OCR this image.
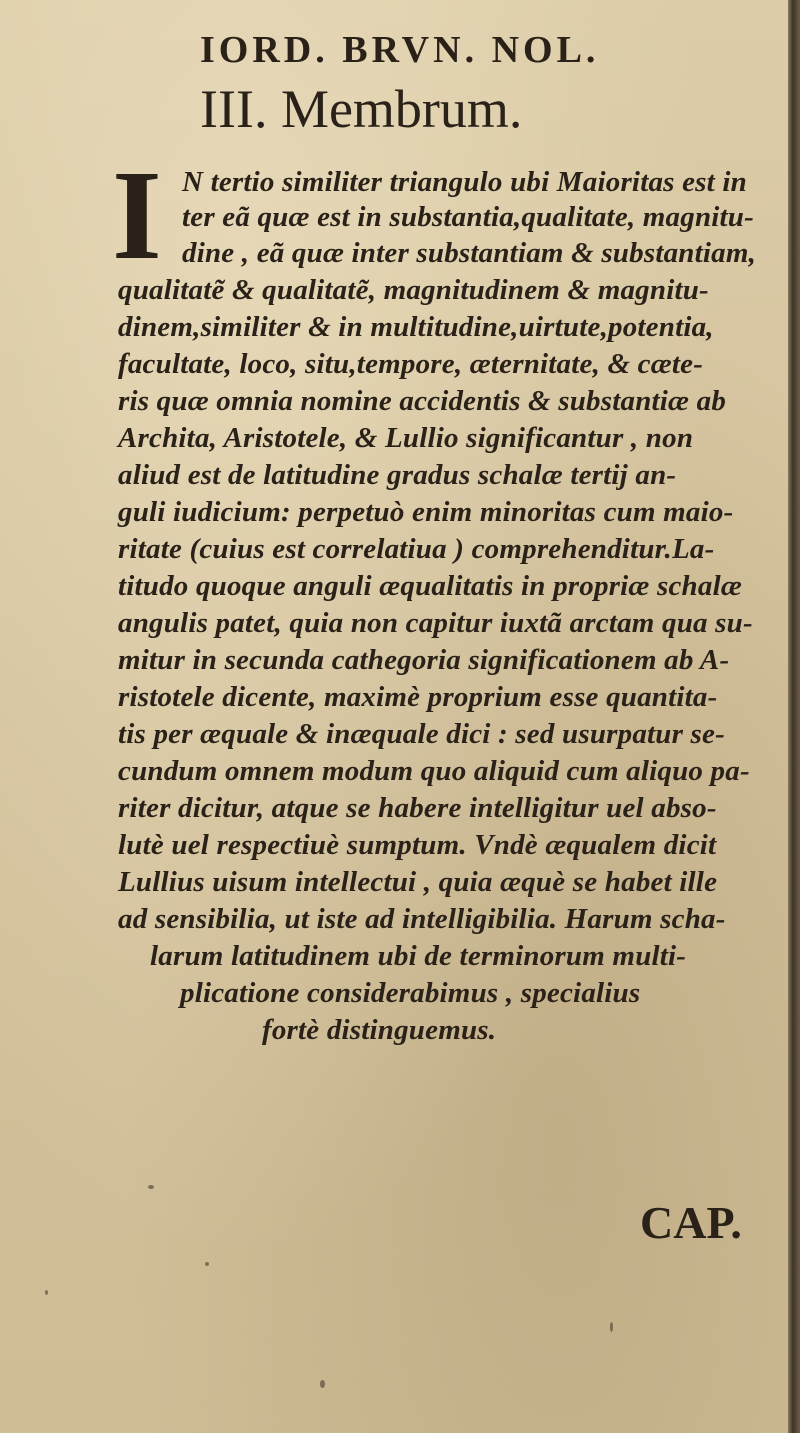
IORD. BRVN. NOL.
III. Membrum.
I N tertio similiter triangulo ubi Maioritas est in
ter eã quæ est in substantia,qualitate, magnitu-
dine , eã quæ inter substantiam & substantiam,
qualitatẽ & qualitatẽ, magnitudinem & magnitu-
dinem,similiter & in multitudine,uirtute,potentia,
facultate, loco, situ,tempore, æternitate, & cæte-
ris quæ omnia nomine accidentis & substantiæ ab
Archita, Aristotele, & Lullio significantur , non
aliud est de latitudine gradus schalæ tertij an-
guli iudicium: perpetuò enim minoritas cum maio-
ritate (cuius est correlatiua ) comprehenditur.La-
titudo quoque anguli æqualitatis in propriæ schalæ
angulis patet, quia non capitur iuxtã arctam qua su-
mitur in secunda cathegoria significationem ab A-
ristotele dicente, maximè proprium esse quantita-
tis per æquale & inæquale dici : sed usurpatur se-
cundum omnem modum quo aliquid cum aliquo pa-
riter dicitur, atque se habere intelligitur uel abso-
lutè uel respectiuè sumptum. Vndè æqualem dicit
Lullius uisum intellectui , quia æquè se habet ille
ad sensibilia, ut iste ad intelligibilia. Harum scha-
larum latitudinem ubi de terminorum multi-
plicatione considerabimus , specialius
fortè distinguemus.
CAP.
